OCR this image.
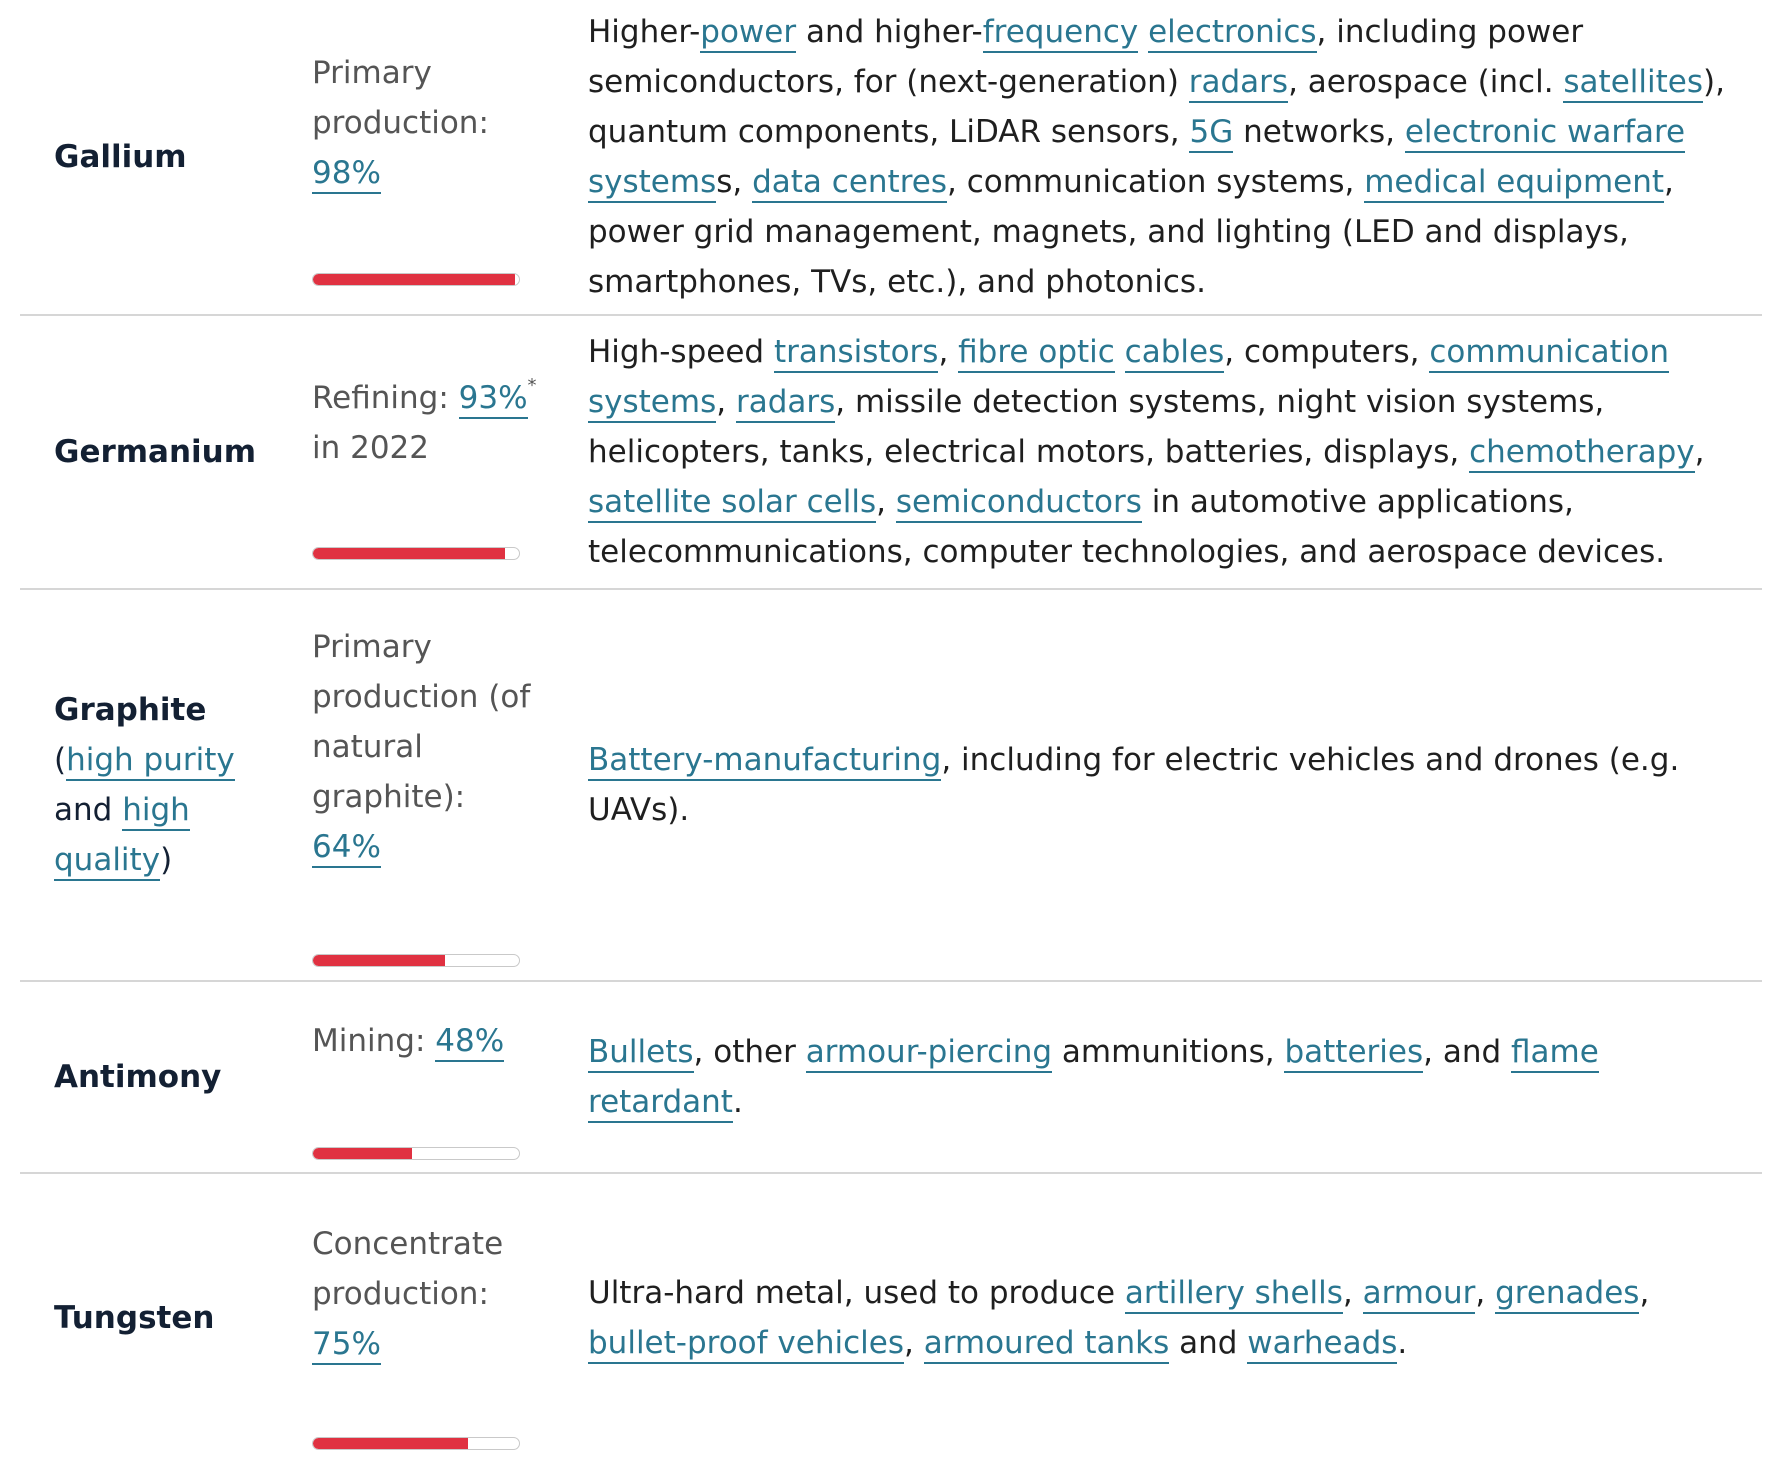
Gallium
Primary production: 98%
Higher-power and higher-frequency electronics, including power semiconductors, for (next-generation) radars, aerospace (incl. satellites), quantum components, LiDAR sensors, 5G networks, electronic warfare systemss, data centres, communication systems, medical equipment, power grid management, magnets, and lighting (LED and displays, smartphones, TVs, etc.), and photonics.
Germanium
Refining: 93%* in 2022
High-speed transistors, fibre optic cables, computers, communication systems, radars, missile detection systems, night vision systems, helicopters, tanks, electrical motors, batteries, displays, chemotherapy, satellite solar cells, semiconductors in automotive applications, telecommunications, computer technologies, and aerospace devices.
Graphite
(high purity and high quality)
Primary production (of natural graphite): 64%
Battery-manufacturing, including for electric vehicles and drones (e.g. UAVs).
Antimony
Mining: 48%	Bullets, other armour-piercing ammunitions, batteries, and flame retardant.
Tungsten
Concentrate production: 75%
Ultra-hard metal, used to produce artillery shells, armour, grenades, bullet-proof vehicles, armoured tanks and warheads.
